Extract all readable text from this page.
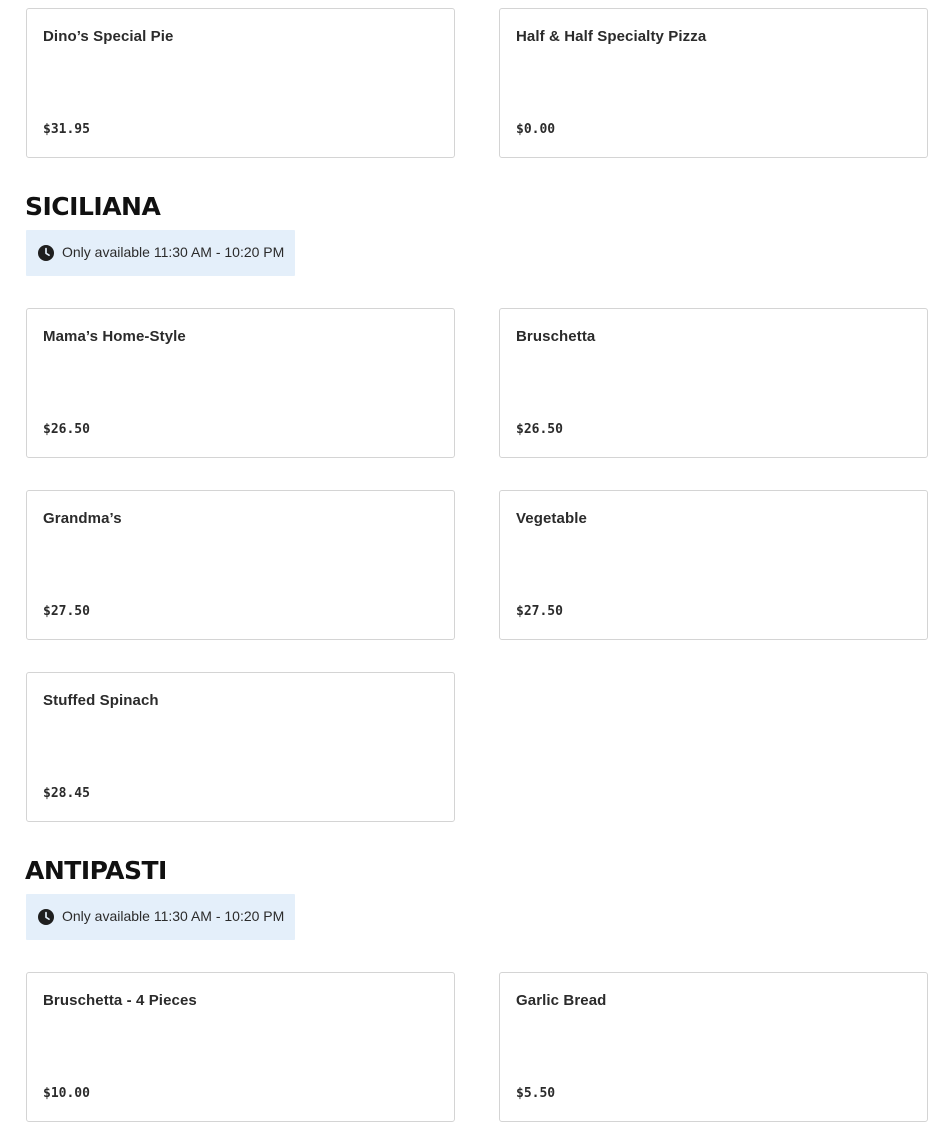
Dino’s Special Pie
$31.95
Half & Half Specialty Pizza
$0.00
SICILIANA
Only available 11:30 AM - 10:20 PM
Mama’s Home-Style
$26.50
Bruschetta
$26.50
Grandma’s
$27.50
Vegetable
$27.50
Stuffed Spinach
$28.45
ANTIPASTI
Only available 11:30 AM - 10:20 PM
Bruschetta - 4 Pieces
$10.00
Garlic Bread
$5.50
